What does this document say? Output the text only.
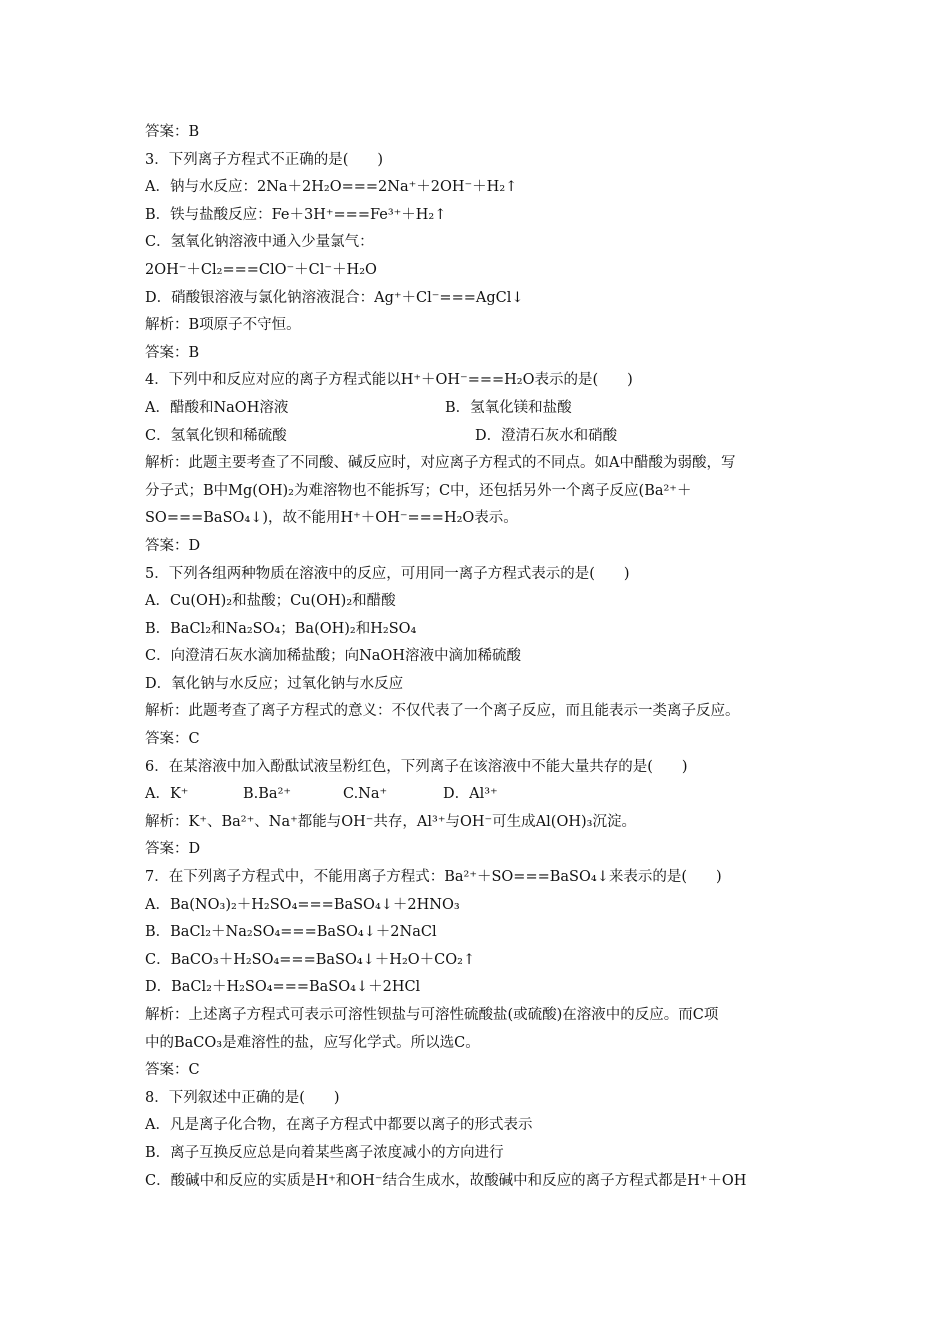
答案：B
3．下列离子方程式不正确的是(　　)
A．钠与水反应：2Na＋2H₂O===2Na⁺＋2OH⁻＋H₂↑
B．铁与盐酸反应：Fe＋3H⁺===Fe³⁺＋H₂↑
C．氢氧化钠溶液中通入少量氯气：
2OH⁻＋Cl₂===ClO⁻＋Cl⁻＋H₂O
D．硝酸银溶液与氯化钠溶液混合：Ag⁺＋Cl⁻===AgCl↓
解析：B项原子不守恒。
答案：B
4．下列中和反应对应的离子方程式能以H⁺＋OH⁻===H₂O表示的是(　　)

A．醋酸和NaOH溶液

	B．氢氧化镁和盐酸

C．氢氧化钡和稀硫酸

	D．澄清石灰水和硝酸

解析：此题主要考查了不同酸、碱反应时，对应离子方程式的不同点。如A中醋酸为弱酸，写
分子式；B中Mg(OH)₂为难溶物也不能拆写；C中，还包括另外一个离子反应(Ba²⁺＋
SO===BaSO₄↓)，故不能用H⁺＋OH⁻===H₂O表示。
答案：D
5．下列各组两种物质在溶液中的反应，可用同一离子方程式表示的是(　　)
A．Cu(OH)₂和盐酸；Cu(OH)₂和醋酸
B．BaCl₂和Na₂SO₄；Ba(OH)₂和H₂SO₄
C．向澄清石灰水滴加稀盐酸；向NaOH溶液中滴加稀硫酸
D．氧化钠与水反应；过氧化钠与水反应
解析：此题考查了离子方程式的意义：不仅代表了一个离子反应，而且能表示一类离子反应。
答案：C
6．在某溶液中加入酚酞试液呈粉红色，下列离子在该溶液中不能大量共存的是(　　)

A．K⁺

	B.Ba²⁺

	C.Na⁺

	D．Al³⁺

解析：K⁺、Ba²⁺、Na⁺都能与OH⁻共存，Al³⁺与OH⁻可生成Al(OH)₃沉淀。
答案：D
7．在下列离子方程式中，不能用离子方程式：Ba²⁺＋SO===BaSO₄↓来表示的是(　　)
A．Ba(NO₃)₂＋H₂SO₄===BaSO₄↓＋2HNO₃
B．BaCl₂＋Na₂SO₄===BaSO₄↓＋2NaCl
C．BaCO₃＋H₂SO₄===BaSO₄↓＋H₂O＋CO₂↑
D．BaCl₂＋H₂SO₄===BaSO₄↓＋2HCl
解析：上述离子方程式可表示可溶性钡盐与可溶性硫酸盐(或硫酸)在溶液中的反应。而C项
中的BaCO₃是难溶性的盐，应写化学式。所以选C。
答案：C
8．下列叙述中正确的是(　　)
A．凡是离子化合物，在离子方程式中都要以离子的形式表示
B．离子互换反应总是向着某些离子浓度减小的方向进行
C．酸碱中和反应的实质是H⁺和OH⁻结合生成水，故酸碱中和反应的离子方程式都是H⁺＋OH
